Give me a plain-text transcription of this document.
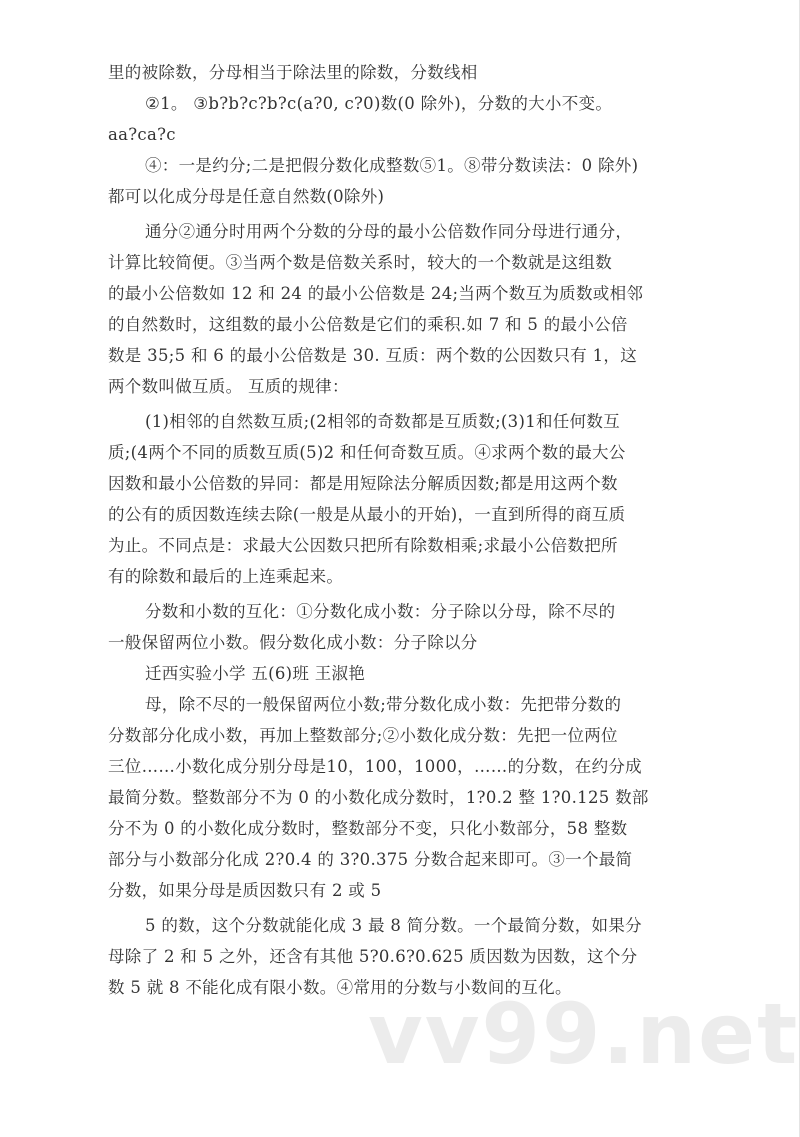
里的被除数，分母相当于除法里的除数，分数线相
②1。 ③b?b?c?b?c(a?0, c?0)数(0 除外)，分数的大小不变。
aa?ca?c
④：一是约分;二是把假分数化成整数⑤1。⑧带分数读法：0 除外)
都可以化成分母是任意自然数(0除外)
通分②通分时用两个分数的分母的最小公倍数作同分母进行通分，
计算比较简便。③当两个数是倍数关系时，较大的一个数就是这组数
的最小公倍数如 12 和 24 的最小公倍数是 24;当两个数互为质数或相邻
的自然数时，这组数的最小公倍数是它们的乘积.如 7 和 5 的最小公倍
数是 35;5 和 6 的最小公倍数是 30. 互质：两个数的公因数只有 1，这
两个数叫做互质。 互质的规律：
(1)相邻的自然数互质;(2相邻的奇数都是互质数;(3)1和任何数互
质;(4两个不同的质数互质(5)2 和任何奇数互质。④求两个数的最大公
因数和最小公倍数的异同：都是用短除法分解质因数;都是用这两个数
的公有的质因数连续去除(一般是从最小的开始)，一直到所得的商互质
为止。不同点是：求最大公因数只把所有除数相乘;求最小公倍数把所
有的除数和最后的上连乘起来。
分数和小数的互化：①分数化成小数：分子除以分母，除不尽的
一般保留两位小数。假分数化成小数：分子除以分
迁西实验小学 五(6)班 王淑艳
母，除不尽的一般保留两位小数;带分数化成小数：先把带分数的
分数部分化成小数，再加上整数部分;②小数化成分数：先把一位两位
三位……小数化成分别分母是10，100，1000，……的分数，在约分成
最简分数。整数部分不为 0 的小数化成分数时，1?0.2 整 1?0.125 数部
分不为 0 的小数化成分数时，整数部分不变，只化小数部分，58 整数
部分与小数部分化成 2?0.4 的 3?0.375 分数合起来即可。③一个最简
分数，如果分母是质因数只有 2 或 5
5 的数，这个分数就能化成 3 最 8 简分数。一个最简分数，如果分
母除了 2 和 5 之外，还含有其他 5?0.6?0.625 质因数为因数，这个分
数 5 就 8 不能化成有限小数。④常用的分数与小数间的互化。
vv99.net
